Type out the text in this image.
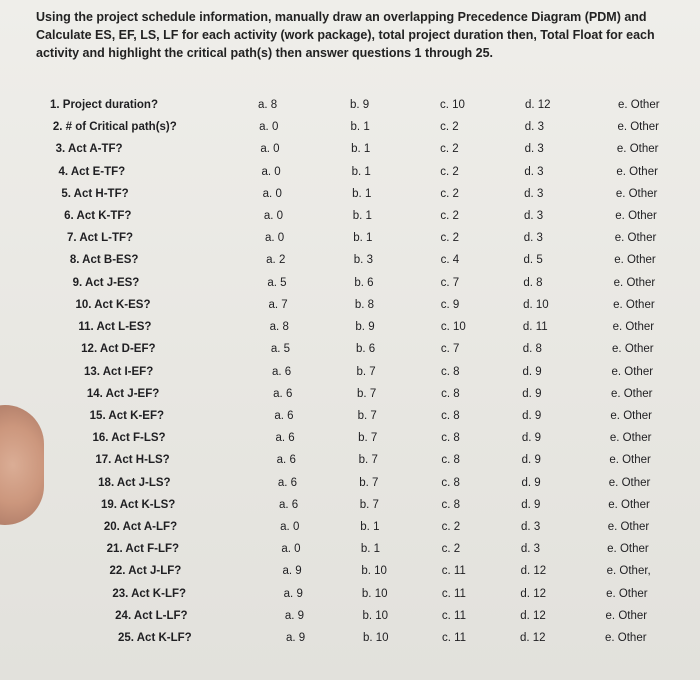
Using the project schedule information, manually draw an overlapping Precedence Diagram (PDM) and Calculate ES, EF, LS, LF for each activity (work package), total project duration then, Total Float for each activity and highlight the critical path(s) then answer questions 1 through 25.
1. Project duration?	a. 8	b. 9	c. 10	d. 12	e. Other
2. # of Critical path(s)?	a. 0	b. 1	c. 2	d. 3	e. Other
3. Act A-TF?	a. 0	b. 1	c. 2	d. 3	e. Other
4. Act E-TF?	a. 0	b. 1	c. 2	d. 3	e. Other
5. Act H-TF?	a. 0	b. 1	c. 2	d. 3	e. Other
6. Act K-TF?	a. 0	b. 1	c. 2	d. 3	e. Other
7. Act L-TF?	a. 0	b. 1	c. 2	d. 3	e. Other
8. Act B-ES?	a. 2	b. 3	c. 4	d. 5	e. Other
9. Act J-ES?	a. 5	b. 6	c. 7	d. 8	e. Other
10. Act K-ES?	a. 7	b. 8	c. 9	d. 10	e. Other
11. Act L-ES?	a. 8	b. 9	c. 10	d. 11	e. Other
12. Act D-EF?	a. 5	b. 6	c. 7	d. 8	e. Other
13. Act I-EF?	a. 6	b. 7	c. 8	d. 9	e. Other
14. Act J-EF?	a. 6	b. 7	c. 8	d. 9	e. Other
15. Act K-EF?	a. 6	b. 7	c. 8	d. 9	e. Other
16. Act F-LS?	a. 6	b. 7	c. 8	d. 9	e. Other
17. Act H-LS?	a. 6	b. 7	c. 8	d. 9	e. Other
18. Act J-LS?	a. 6	b. 7	c. 8	d. 9	e. Other
19. Act K-LS?	a. 6	b. 7	c. 8	d. 9	e. Other
20. Act A-LF?	a. 0	b. 1	c. 2	d. 3	e. Other
21. Act F-LF?	a. 0	b. 1	c. 2	d. 3	e. Other
22. Act J-LF?	a. 9	b. 10	c. 11	d. 12	e. Other,
23. Act K-LF?	a. 9	b. 10	c. 11	d. 12	e. Other
24. Act L-LF?	a. 9	b. 10	c. 11	d. 12	e. Other
25. Act K-LF?	a. 9	b. 10	c. 11	d. 12	e. Other
